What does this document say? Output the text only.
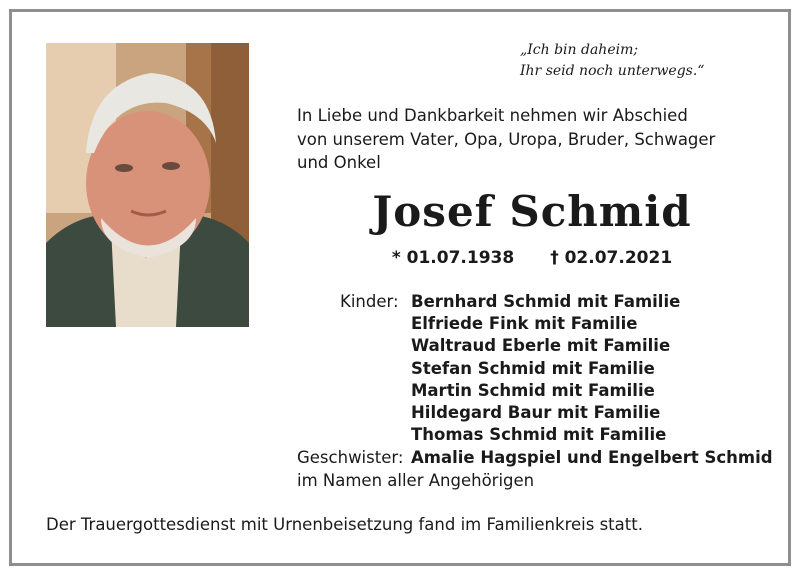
„Ich bin daheim;
Ihr seid noch unterwegs.“
In Liebe und Dankbarkeit nehmen wir Abschied
von unserem Vater, Opa, Uropa, Bruder, Schwager
und Onkel
Josef Schmid
* 01.07.1938 † 02.07.2021
Kinder: Bernhard Schmid mit Familie
Elfriede Fink mit Familie
Waltraud Eberle mit Familie
Stefan Schmid mit Familie
Martin Schmid mit Familie
Hildegard Baur mit Familie
Thomas Schmid mit Familie
Geschwister: Amalie Hagspiel und Engelbert Schmid
im Namen aller Angehörigen
Der Trauergottesdienst mit Urnenbeisetzung fand im Familienkreis statt.
